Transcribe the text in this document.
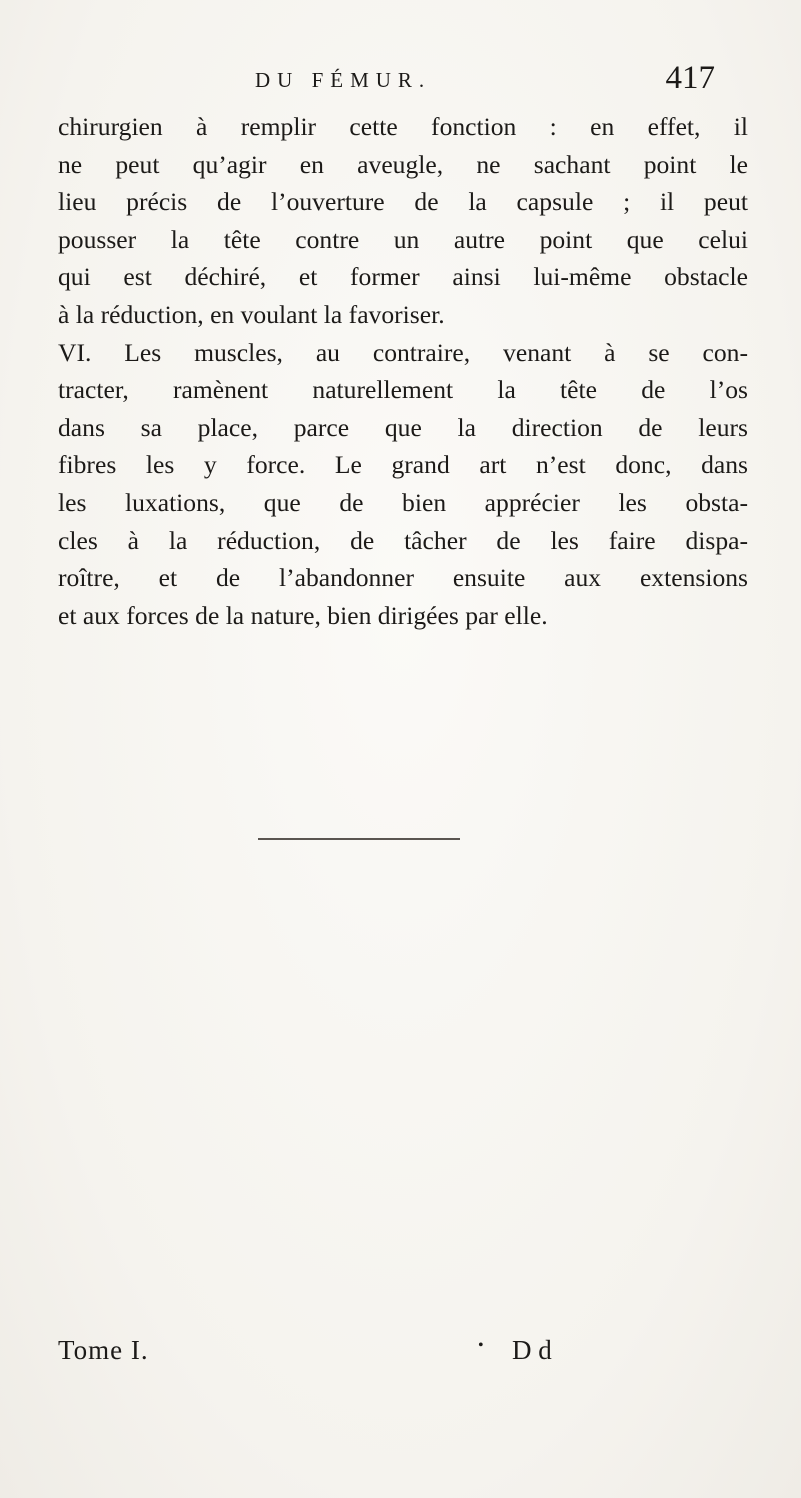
DU FÉMUR.	417
chirurgien à remplir cette fonction : en effet, il
ne peut qu’agir en aveugle, ne sachant point le
lieu précis de l’ouverture de la capsule ; il peut
pousser la tête contre un autre point que celui
qui est déchiré, et former ainsi lui-même obstacle
à la réduction, en voulant la favoriser.
VI. Les muscles, au contraire, venant à se con-
tracter, ramènent naturellement la tête de l’os
dans sa place, parce que la direction de leurs
fibres les y force. Le grand art n’est donc, dans
les luxations, que de bien apprécier les obsta-
cles à la réduction, de tâcher de les faire dispa-
roître, et de l’abandonner ensuite aux extensions
et aux forces de la nature, bien dirigées par elle.
Tome I.	• D d
